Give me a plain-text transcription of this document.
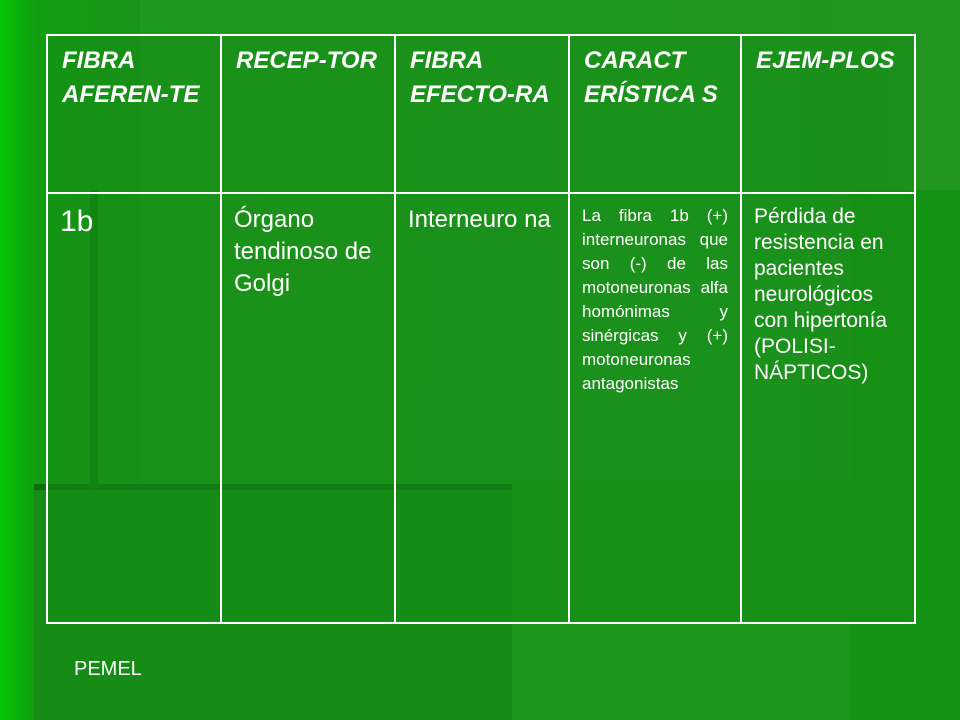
FIBRA AFEREN-TE	RECEP-TOR	FIBRA EFECTO-RA	CARACT ERÍSTICA S	EJEM-PLOS
1b	Órgano tendinoso de Golgi	Interneuro na	La fibra 1b (+) interneuronas que son (-) de las motoneuronas alfa homónimas y sinérgicas y (+) motoneuronas antagonistas	Pérdida de resistencia en pacientes neurológicos con hipertonía (POLISI-NÁPTICOS)
PEMEL
